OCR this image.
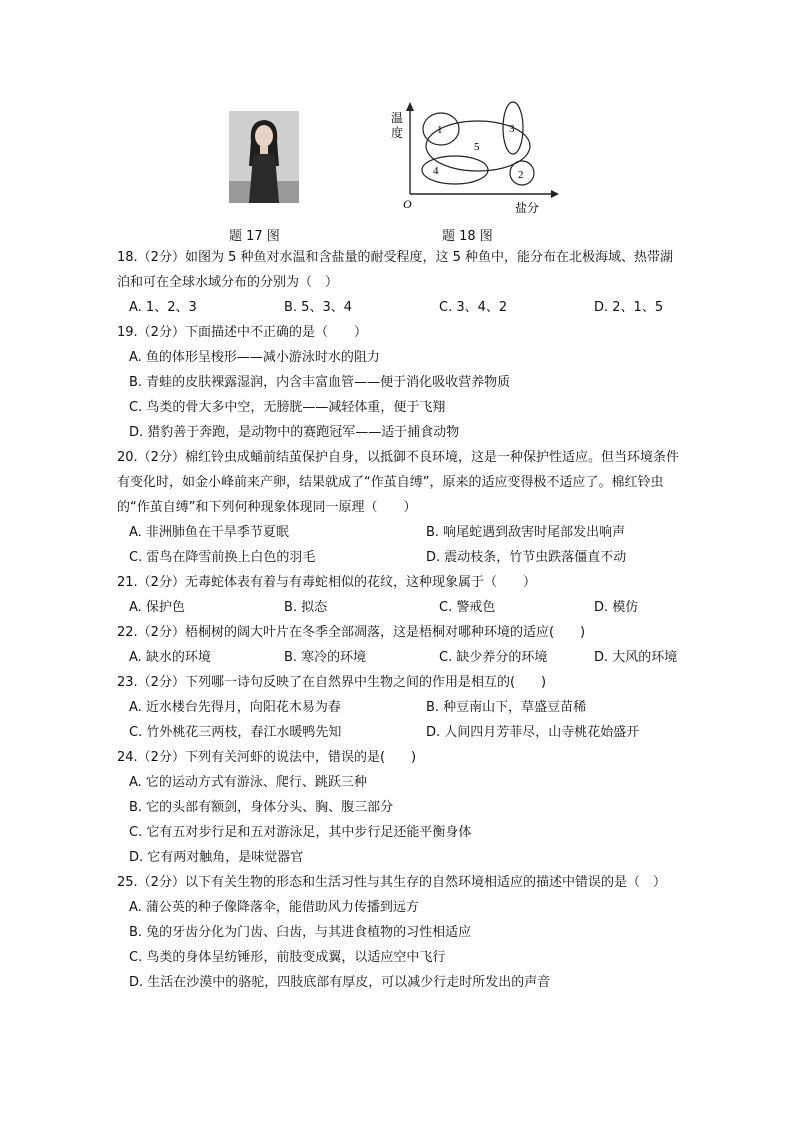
温
度
O	盐分
1
2
3
4
5
题 17 图	题 18 图
18.（2分）如图为 5 种鱼对水温和含盐量的耐受程度，这 5 种鱼中，能分布在北极海域、热带湖泊和可在全球水域分布的分别为（　）
A. 1、2、3	B. 5、3、4	C. 3、4、2	D. 2、1、5
19.（2分）下面描述中不正确的是（　　）
A. 鱼的体形呈梭形——减小游泳时水的阻力
B. 青蛙的皮肤裸露湿润，内含丰富血管——便于消化吸收营养物质
C. 鸟类的骨大多中空，无膀胱——减轻体重，便于飞翔
D. 猎豹善于奔跑，是动物中的赛跑冠军——适于捕食动物
20.（2分）棉红铃虫成蛹前结茧保护自身，以抵御不良环境，这是一种保护性适应。但当环境条件有变化时，如金小峰前来产卵，结果就成了“作茧自缚”，原来的适应变得极不适应了。棉红铃虫的“作茧自缚”和下列何种现象体现同一原理（　　）
A. 非洲肺鱼在干旱季节夏眠	B. 响尾蛇遇到敌害时尾部发出响声
C. 雷鸟在降雪前换上白色的羽毛	D. 震动枝条，竹节虫跌落僵直不动
21.（2分）无毒蛇体表有着与有毒蛇相似的花纹，这种现象属于（　　）
A. 保护色	B. 拟态	C. 警戒色	D. 模仿
22.（2分）梧桐树的阔大叶片在冬季全部凋落，这是梧桐对哪种环境的适应(　　)
A. 缺水的环境	B. 寒冷的环境	C. 缺少养分的环境	D. 大风的环境
23.（2分）下列哪一诗句反映了在自然界中生物之间的作用是相互的(　　)
A. 近水楼台先得月，向阳花木易为春	B. 种豆南山下，草盛豆苗稀
C. 竹外桃花三两枝，春江水暖鸭先知	D. 人间四月芳菲尽，山寺桃花始盛开
24.（2分）下列有关河虾的说法中，错误的是(　　)
A. 它的运动方式有游泳、爬行、跳跃三种
B. 它的头部有额剑，身体分头、胸、腹三部分
C. 它有五对步行足和五对游泳足，其中步行足还能平衡身体
D. 它有两对触角，是味觉器官
25.（2分）以下有关生物的形态和生活习性与其生存的自然环境相适应的描述中错误的是（　）
A. 蒲公英的种子像降落伞，能借助风力传播到远方
B. 兔的牙齿分化为门齿、臼齿，与其进食植物的习性相适应
C. 鸟类的身体呈纺锤形，前肢变成翼，以适应空中飞行
D. 生活在沙漠中的骆驼，四肢底部有厚皮，可以减少行走时所发出的声音
